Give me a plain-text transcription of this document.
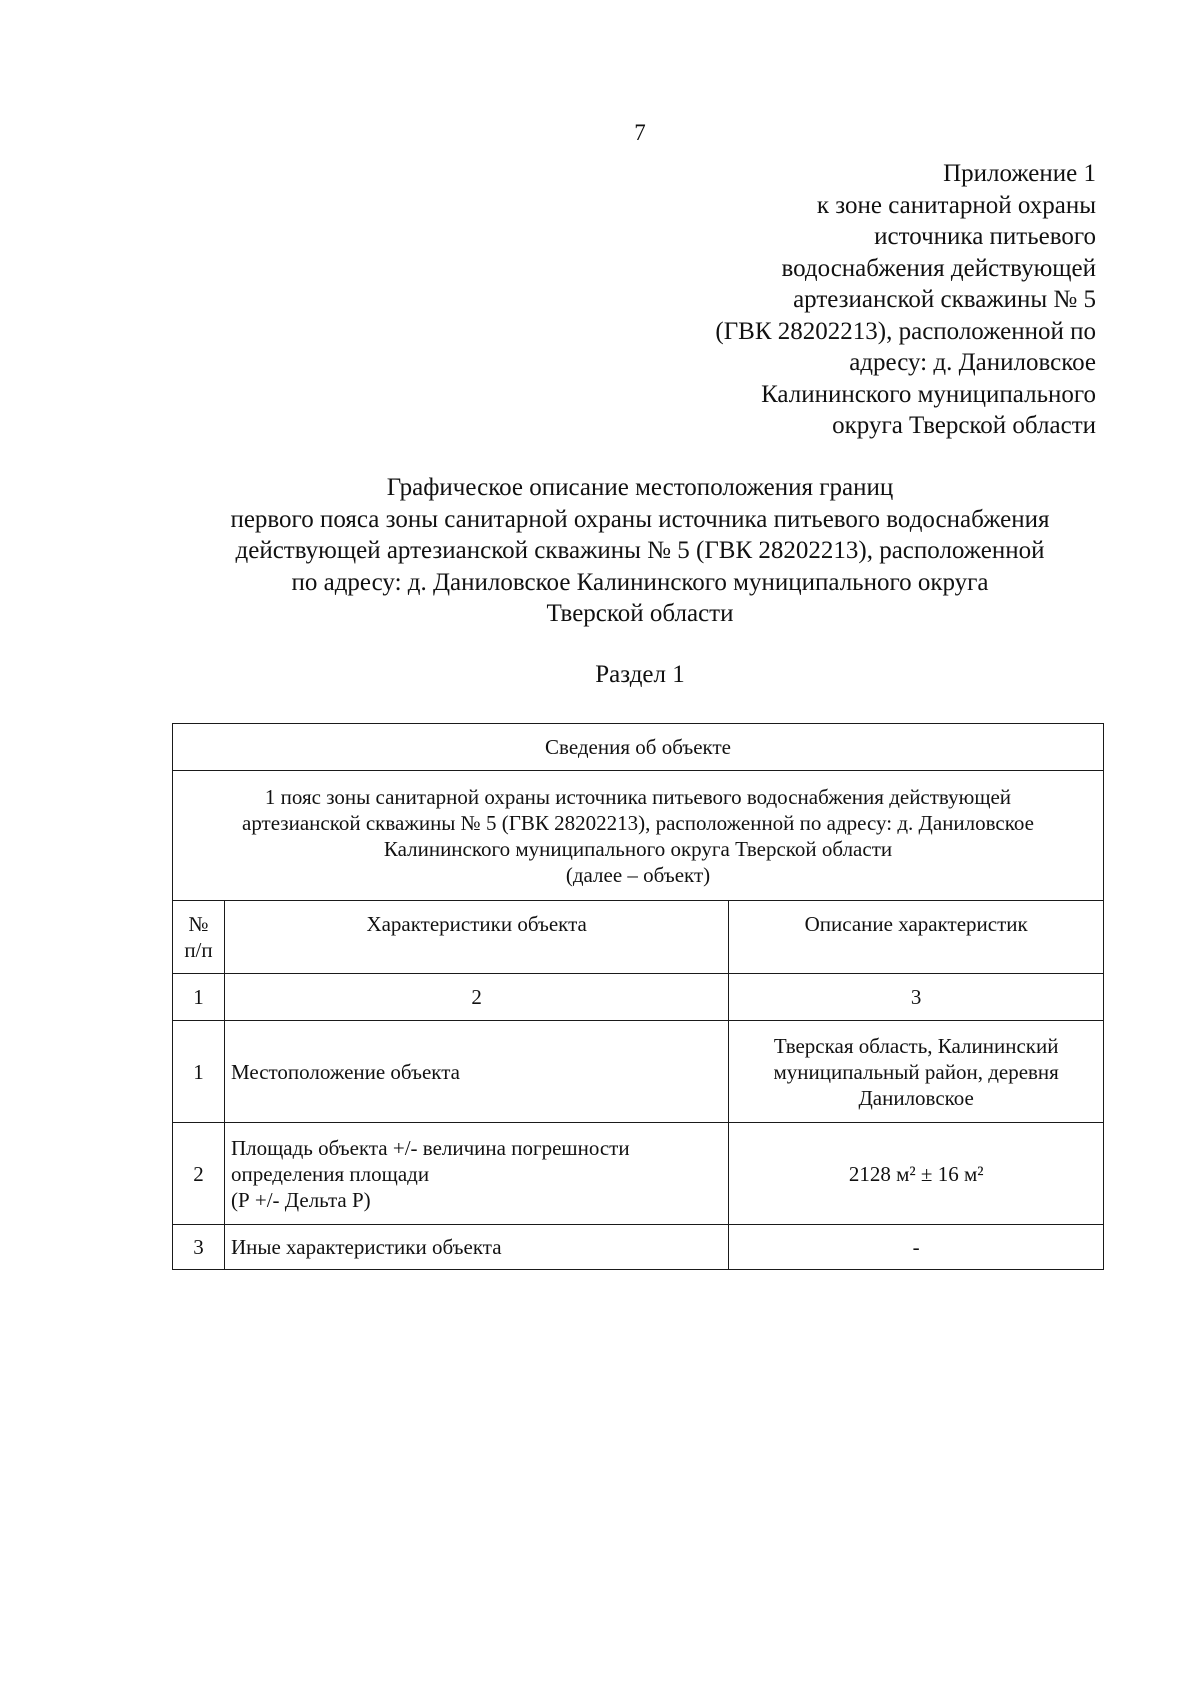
7
Приложение 1
к зоне санитарной охраны
источника питьевого
водоснабжения действующей
артезианской скважины № 5
(ГВК 28202213), расположенной по
адресу: д. Даниловское
Калининского муниципального
округа Тверской области
Графическое описание местоположения границ
первого пояса зоны санитарной охраны источника питьевого водоснабжения
действующей артезианской скважины № 5 (ГВК 28202213), расположенной
по адресу: д. Даниловское Калининского муниципального округа
Тверской области
Раздел 1
Сведения об объекте		

1 пояс зоны санитарной охраны источника питьевого водоснабжения действующей
артезианской скважины № 5 (ГВК 28202213), расположенной по адресу: д. Даниловское
Калининского муниципального округа Тверской области
(далее – объект)		

№
п/п	Характеристики объекта	Описание характеристик
1	2	3
1	Местоположение объекта	Тверская область, Калининский
муниципальный район, деревня
Даниловское

2	Площадь объекта +/- величина погрешности
определения площади
(Р +/- Дельта Р)	2128 м² ± 16 м²
3	Иные характеристики объекта	-
